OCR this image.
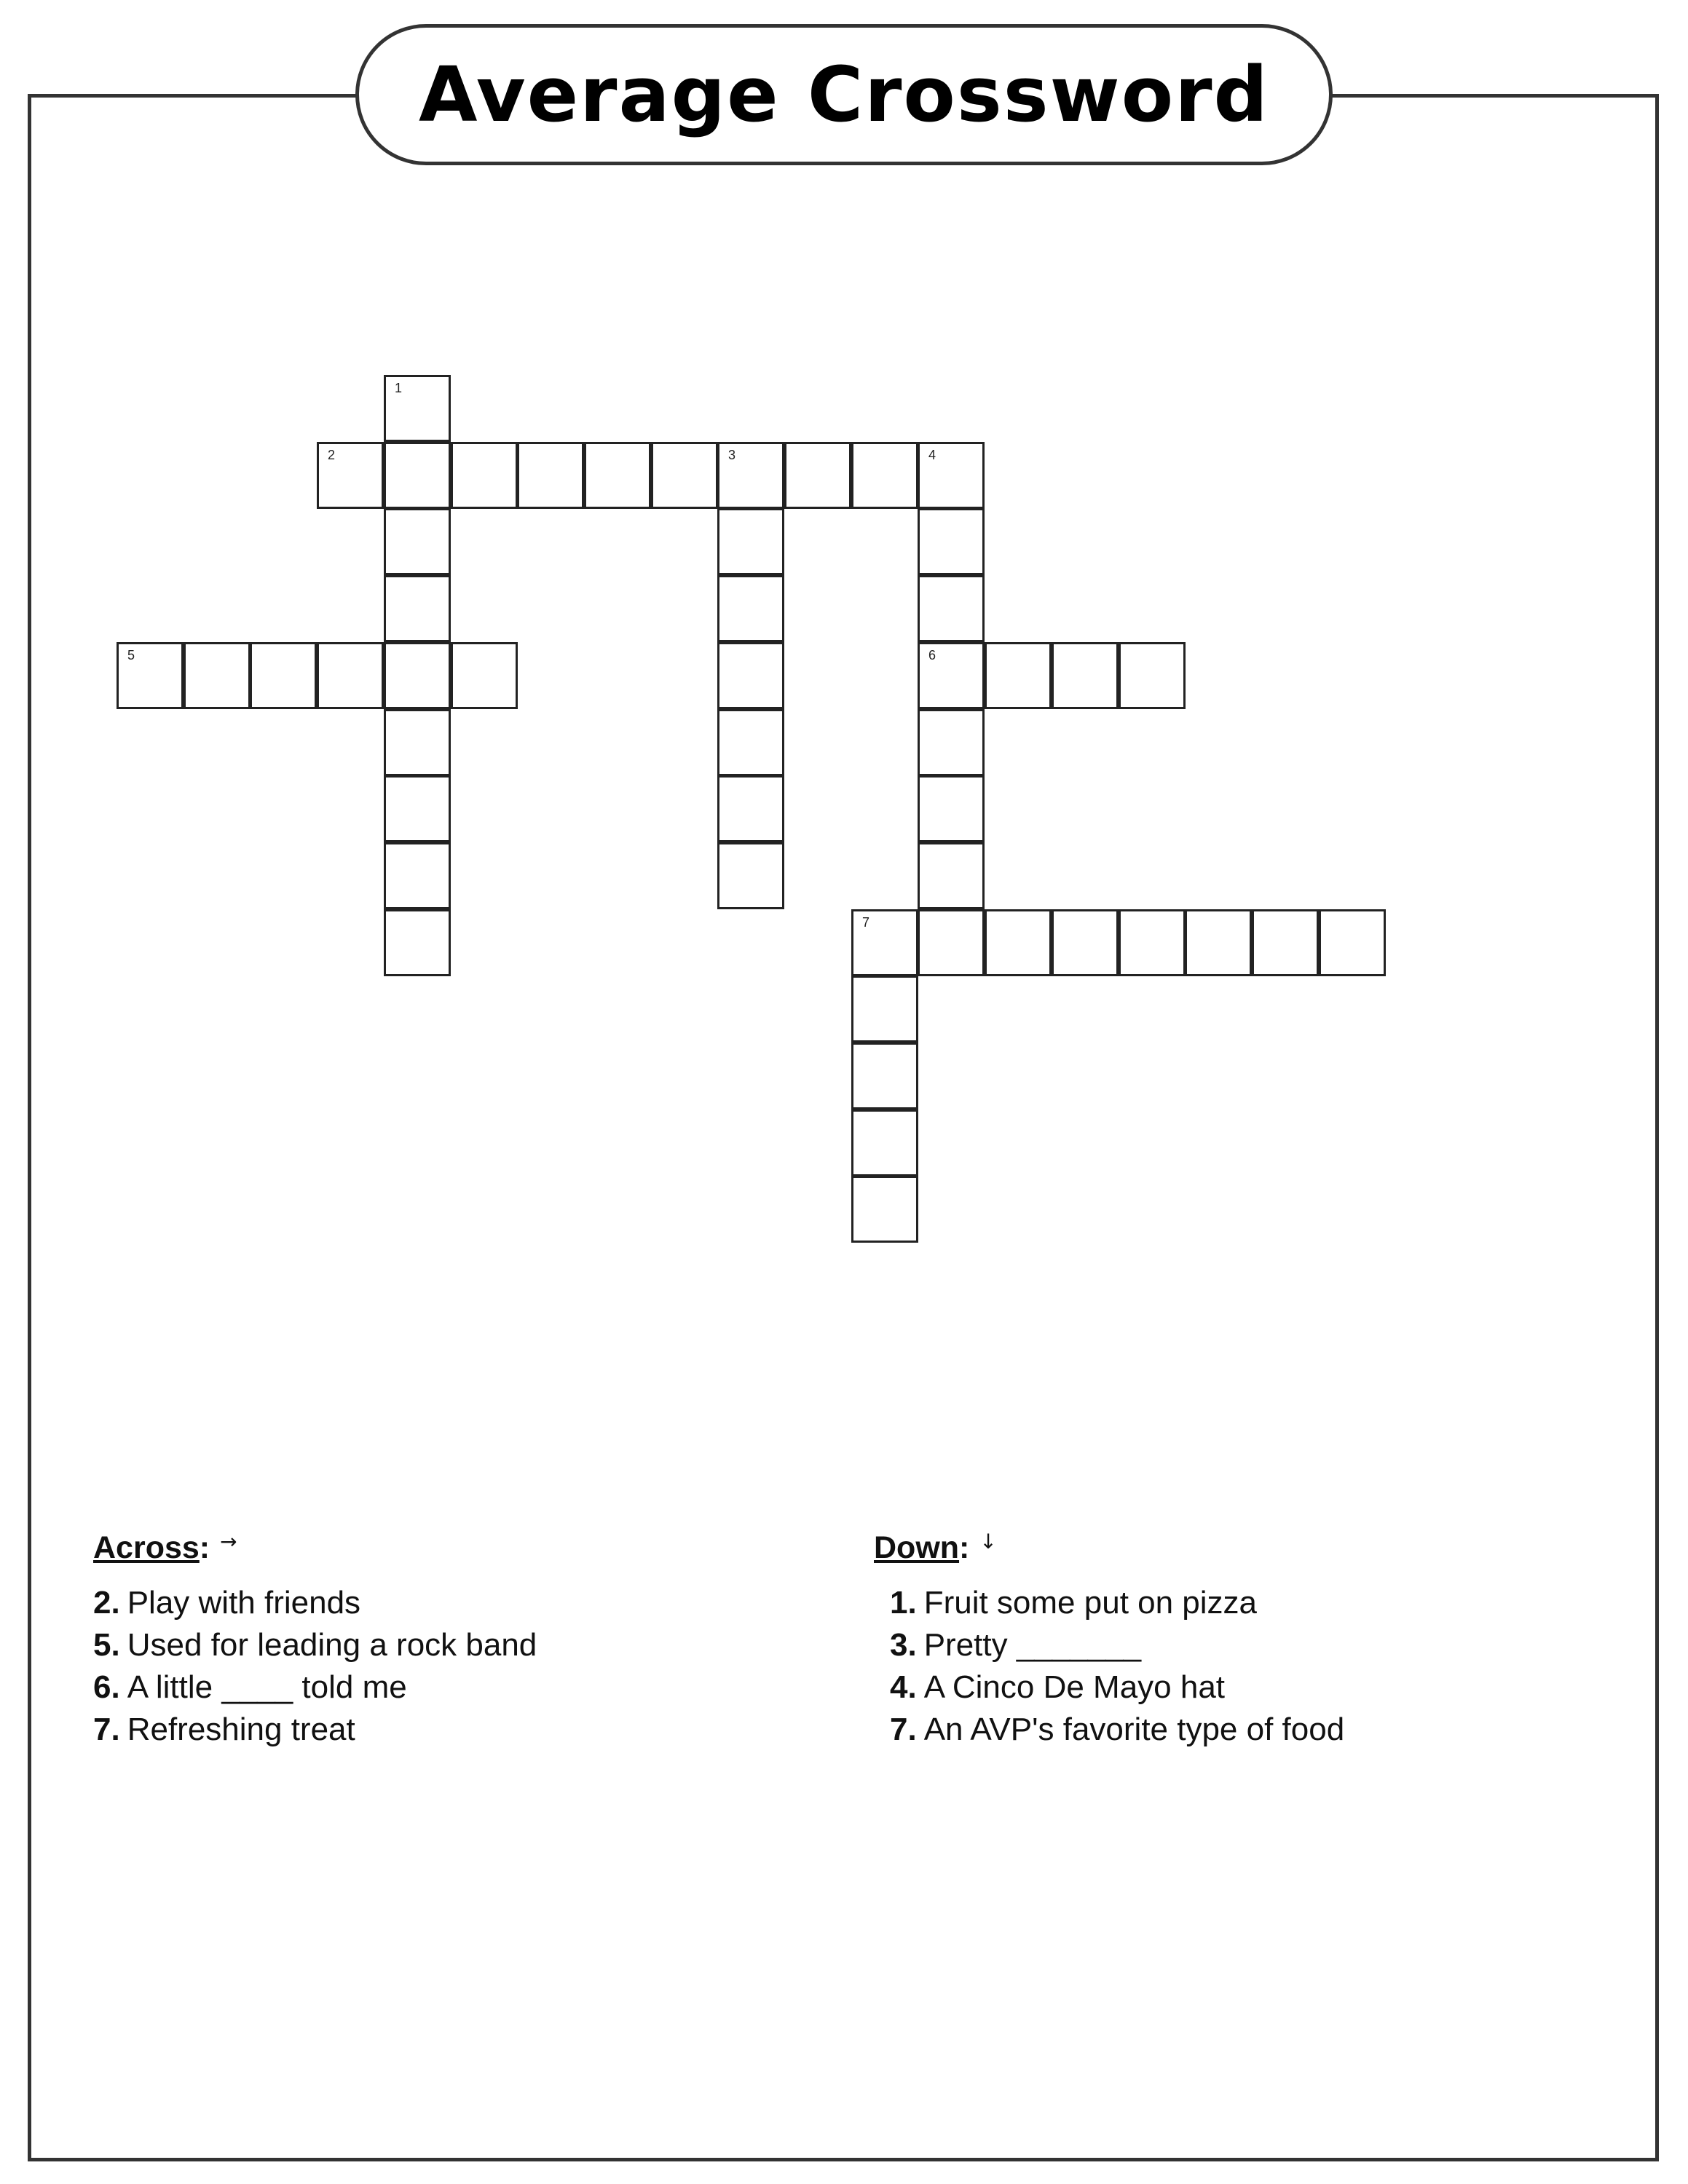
Average Crossword
2	3	4
5	6
7
1
Across: →
2. Play with friends
5. Used for leading a rock band
6. A little ____ told me
7. Refreshing treat
Down: ↓
1. Fruit some put on pizza
3. Pretty _______
4. A Cinco De Mayo hat
7. An AVP's favorite type of food
